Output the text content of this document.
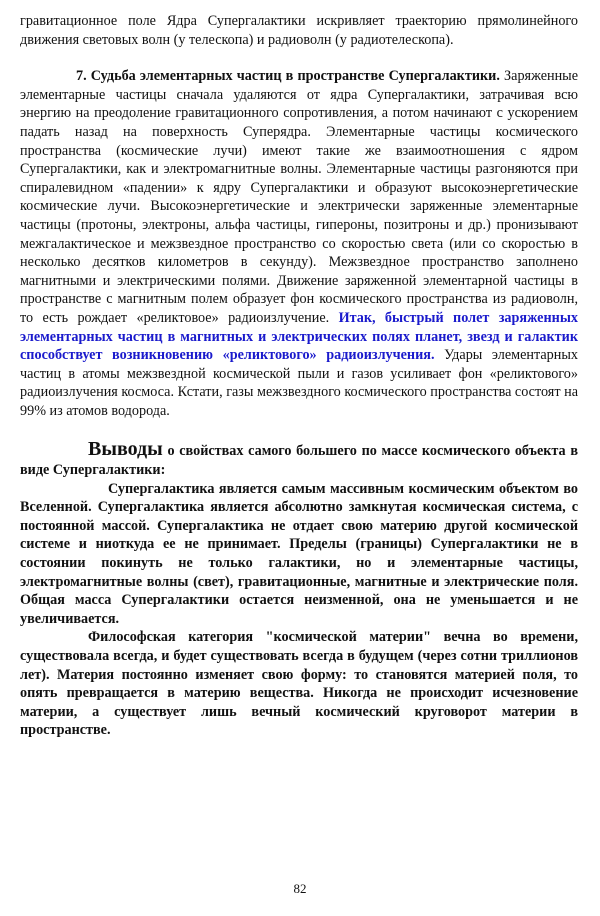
гравитационное поле Ядра Супергалактики искривляет траекторию прямолинейного движения световых волн (у телескопа) и радиоволн (у радиотелескопа).

7. Судьба элементарных частиц в пространстве Супергалактики. Заряженные элементарные частицы сначала удаляются от ядра Супергалактики, затрачивая всю энергию на преодоление гравитационного сопротивления, а потом начинают с ускорением падать назад на поверхность Суперядра. Элементарные частицы космического пространства (космические лучи) имеют такие же взаимоотношения с ядром Супергалактики, как и электромагнитные волны. Элементарные частицы разгоняются при спиралевидном «падении» к ядру Супергалактики и образуют высокоэнергетические космические лучи. Высокоэнергетические и электрически заряженные элементарные частицы (протоны, электроны, альфа частицы, гипероны, позитроны и др.) пронизывают межгалактическое и межзвездное пространство со скоростью света (или со скоростью в несколько десятков километров в секунду). Межзвездное пространство заполнено магнитными и электрическими полями. Движение заряженной элементарной частицы в пространстве с магнитным полем образует фон космического пространства из радиоволн, то есть рождает «реликтовое» радиоизлучение. Итак, быстрый полет заряженных элементарных частиц в магнитных и электрических полях планет, звезд и галактик способствует возникновению «реликтового» радиоизлучения. Удары элементарных частиц в атомы межзвездной космической пыли и газов усиливает фон «реликтового» радиоизлучения космоса. Кстати, газы межзвездного космического пространства состоят на 99% из атомов водорода.

Выводы о свойствах самого большего по массе космического объекта в виде Супергалактики:

Супергалактика является самым массивным космическим объектом во Вселенной. Супергалактика является абсолютно замкнутая космическая система, с постоянной массой. Супергалактика не отдает свою материю другой космической системе и ниоткуда ее не принимает. Пределы (границы) Супергалактики не в состоянии покинуть не только галактики, но и элементарные частицы, электромагнитные волны (свет), гравитационные, магнитные и электрические поля. Общая масса Супергалактики остается неизменной, она не уменьшается и не увеличивается.

Философская категория "космической материи" вечна во времени, существовала всегда, и будет существовать всегда в будущем (через сотни триллионов лет). Материя постоянно изменяет свою форму: то становятся материей поля, то опять превращается в материю вещества. Никогда не происходит исчезновение материи, а существует лишь вечный космический круговорот материи в пространстве.

82
